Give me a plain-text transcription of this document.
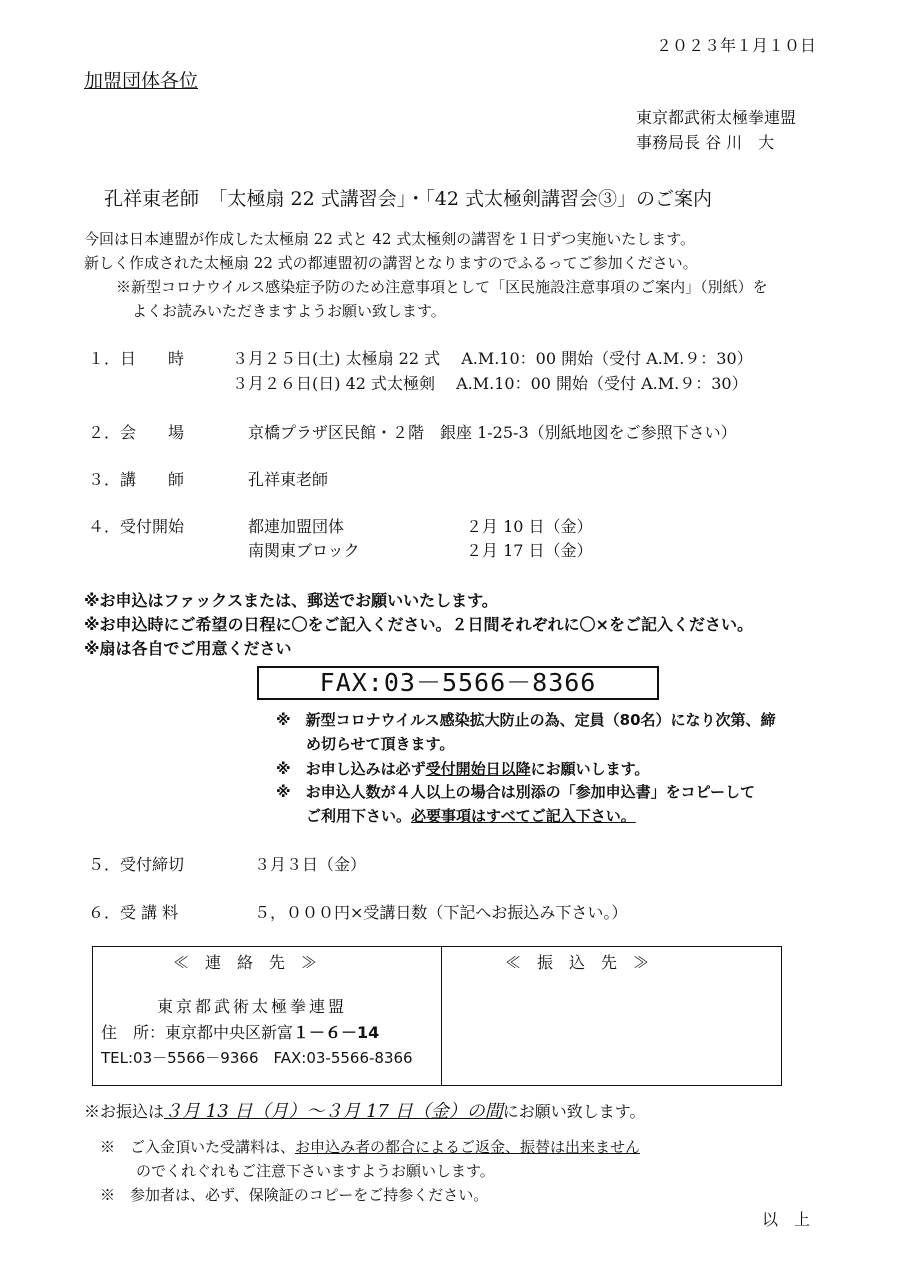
２０２３年１月１０日
加盟団体各位
東京都武術太極拳連盟
事務局長 谷 川　大
孔祥東老師　「太極扇 22 式講習会」・「42 式太極剣講習会③」のご案内
今回は日本連盟が作成した太極扇 22 式と 42 式太極剣の講習を１日ずつ実施いたします。
新しく作成された太極扇 22 式の都連盟初の講習となりますのでふるってご参加ください。
※新型コロナウイルス感染症予防のため注意事項として「区民施設注意事項のご案内」（別紙）を
よくお読みいただきますようお願い致します。
１．日　　時	３月２５日(土) 太極扇 22 式　 A.M.10：00 開始（受付 A.M.９：30）
３月２６日(日) 42 式太極剣　 A.M.10：00 開始（受付 A.M.９：30）
２．会　　場	京橋プラザ区民館・２階　銀座 1-25-3（別紙地図をご参照下さい）
３．講　　師	孔祥東老師
４．受付開始	都連加盟団体	２月 10 日（金）
南関東ブロック	２月 17 日（金）
※お申込はファックスまたは、郵送でお願いいたします。
※お申込時にご希望の日程に〇をご記入ください。２日間それぞれに〇×をご記入ください。
※扇は各自でご用意ください
FAX:03－5566－8366
※　新型コロナウイルス感染拡大防止の為、定員（80名）になり次第、締
め切らせて頂きます。
※　お申し込みは必ず受付開始日以降にお願いします。
※　お申込人数が４人以上の場合は別添の「参加申込書」をコピーして
ご利用下さい。必要事項はすべてご記入下さい。
５．受付締切	３月３日（金）
６．受 講 料	５，０００円×受講日数（下記へお振込み下さい。）
≪　連　絡　先　≫	≪　振　込　先　≫
東京都武術太極拳連盟
住　所：東京都中央区新富１－６－14
TEL:03－5566－9366　FAX:03-5566-8366
※お振込は３月 13 日（月）～３月 17 日（金）の間にお願い致します。
※　ご入金頂いた受講料は、お申込み者の都合によるご返金、振替は出来ません
のでくれぐれもご注意下さいますようお願いします。
※　参加者は、必ず、保険証のコピーをご持参ください。
以　上
